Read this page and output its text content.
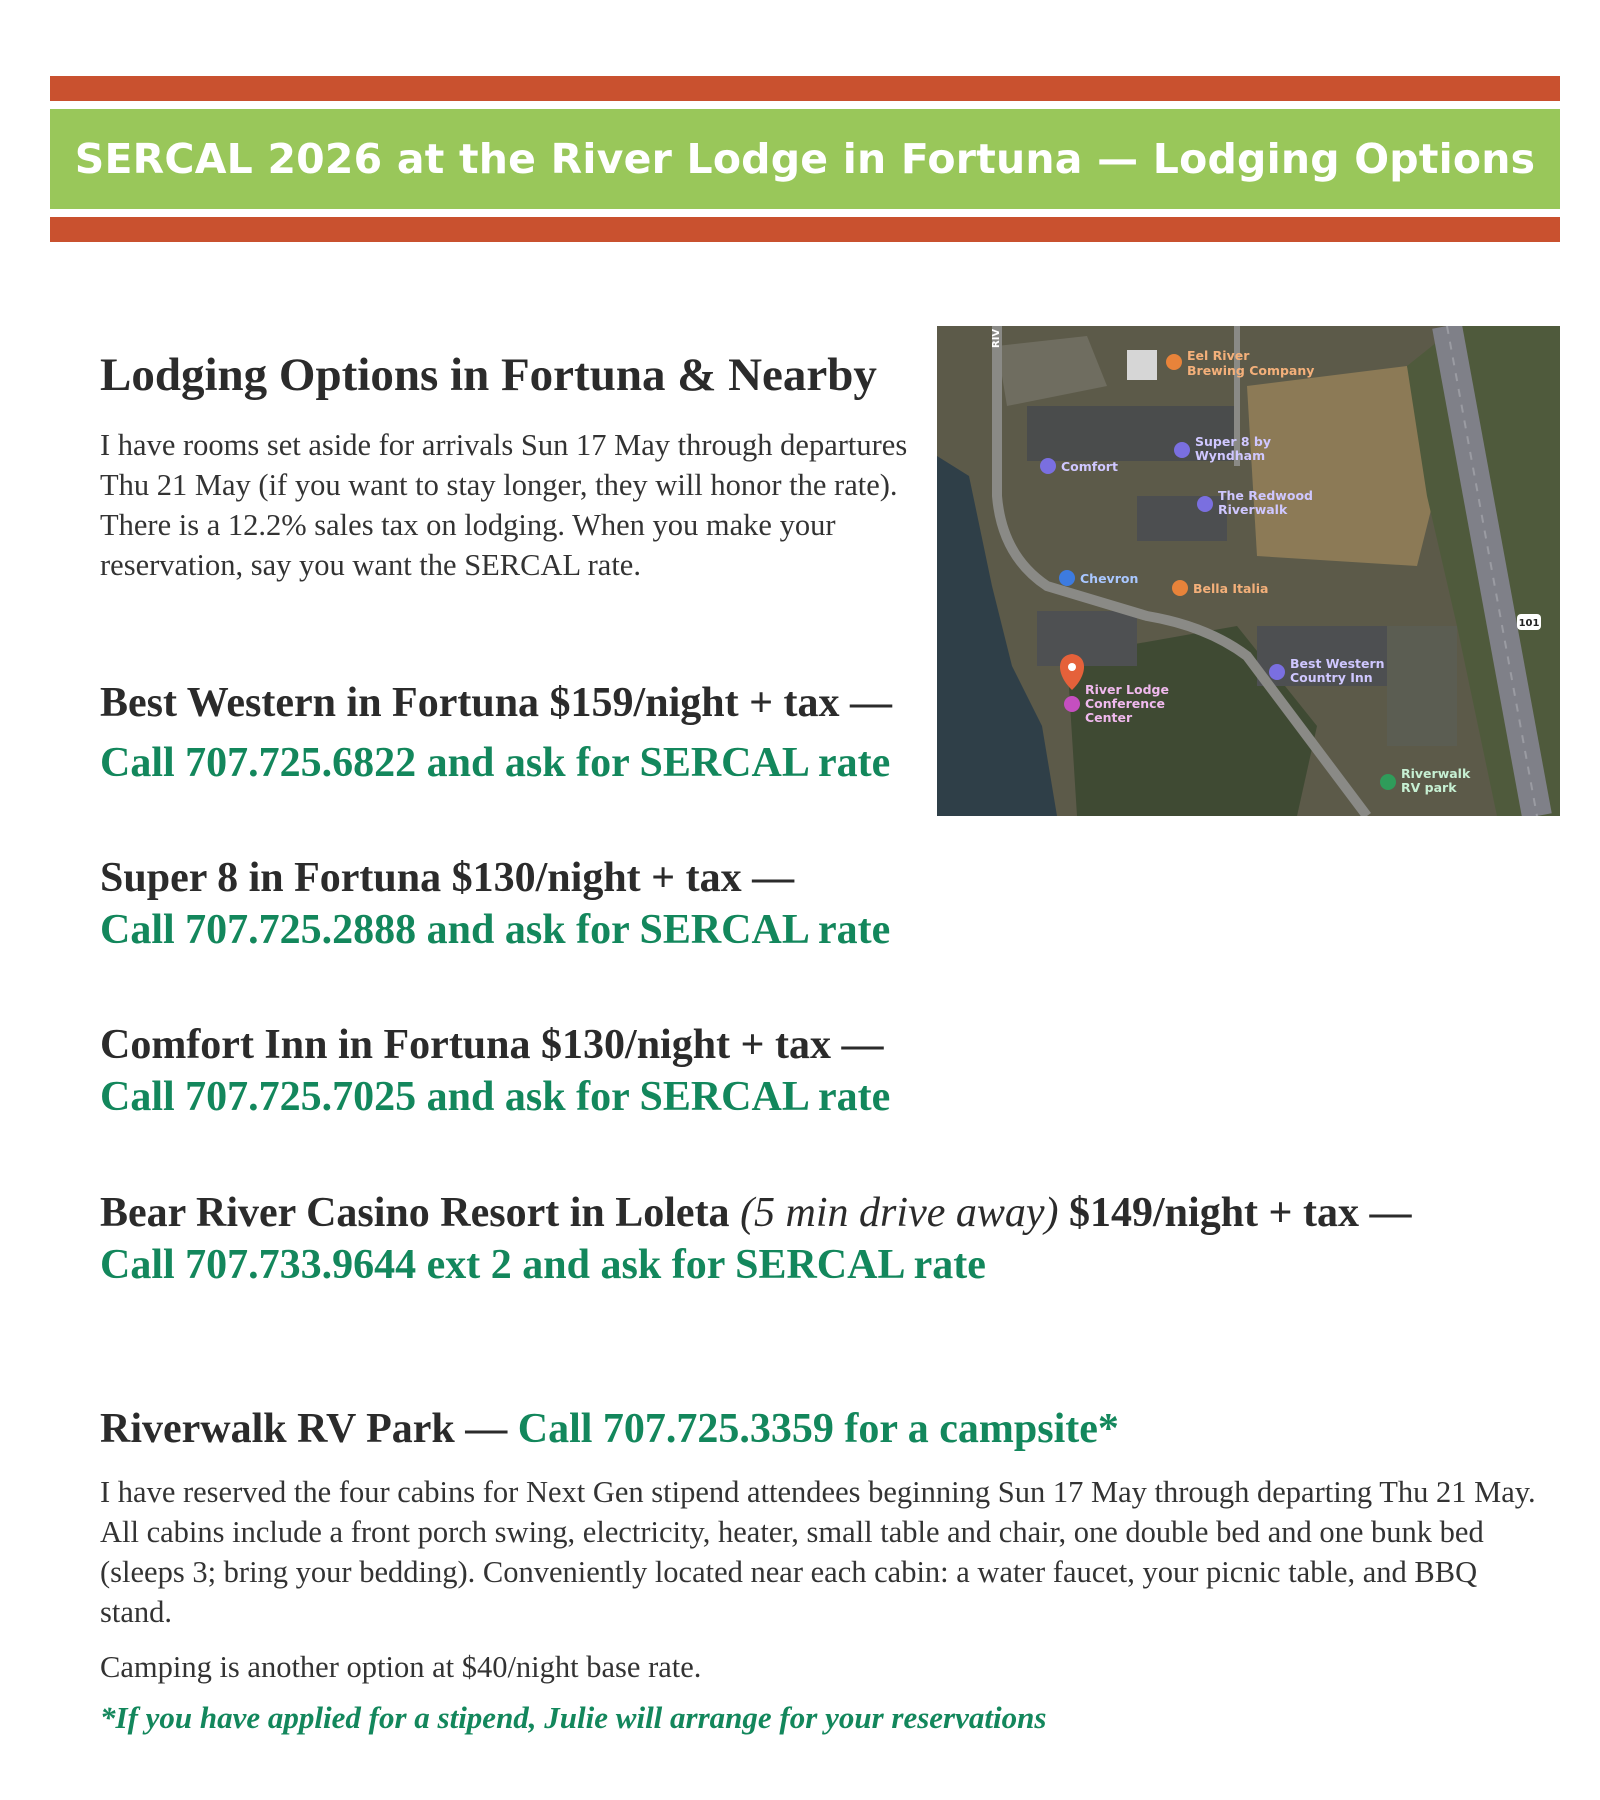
SERCAL 2026 at the River Lodge in Fortuna — Lodging Options
Lodging Options in Fortuna & Nearby

I have rooms set aside for arrivals Sun 17 May through departures Thu 21 May (if you want to stay longer, they will honor the rate). There is a 12.2% sales tax on lodging. When you make your reservation, say you want the SERCAL rate.

Best Western in Fortuna $159/night + tax —
Call 707.725.6822 and ask for SERCAL rate
Super 8 in Fortuna $130/night + tax —
Call 707.725.2888 and ask for SERCAL rate
Comfort Inn in Fortuna $130/night + tax —
Call 707.725.7025 and ask for SERCAL rate
Bear River Casino Resort in Loleta (5 min drive away) $149/night + tax —
Call 707.733.9644 ext 2 and ask for SERCAL rate
Riverwalk RV Park — Call 707.725.3359 for a campsite*

I have reserved the four cabins for Next Gen stipend attendees beginning Sun 17 May through departing Thu 21 May. All cabins include a front porch swing, electricity, heater, small table and chair, one double bed and one bunk bed (sleeps 3; bring your bedding). Conveniently located near each cabin: a water faucet, your picnic table, and BBQ stand.

Camping is another option at $40/night base rate.

*If you have applied for a stipend, Julie will arrange for your reservations

101
RIV
Eel River
Brewing Company
Super 8 by
Wyndham
Comfort
The Redwood
Riverwalk
Chevron
Bella Italia
Best Western
Country Inn
River Lodge
Conference
Center
Riverwalk
RV park
